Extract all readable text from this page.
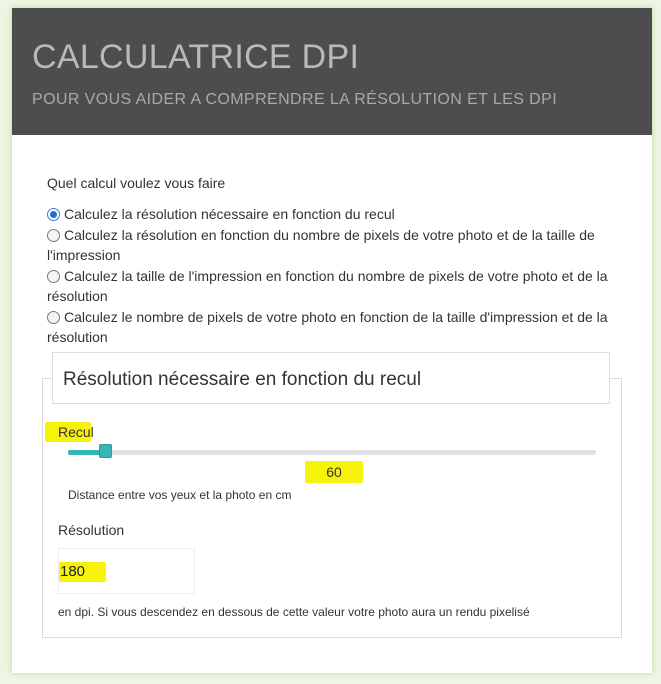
CALCULATRICE DPI
POUR VOUS AIDER A COMPRENDRE LA RÉSOLUTION ET LES DPI
Quel calcul voulez vous faire
Calculez la résolution nécessaire en fonction du recul
Calculez la résolution en fonction du nombre de pixels de votre photo et de la taille de l'impression
Calculez la taille de l'impression en fonction du nombre de pixels de votre photo et de la résolution
Calculez le nombre de pixels de votre photo en fonction de la taille d'impression et de la résolution
Résolution nécessaire en fonction du recul
Recul
60
Distance entre vos yeux et la photo en cm
Résolution
180
en dpi. Si vous descendez en dessous de cette valeur votre photo aura un rendu pixelisé
